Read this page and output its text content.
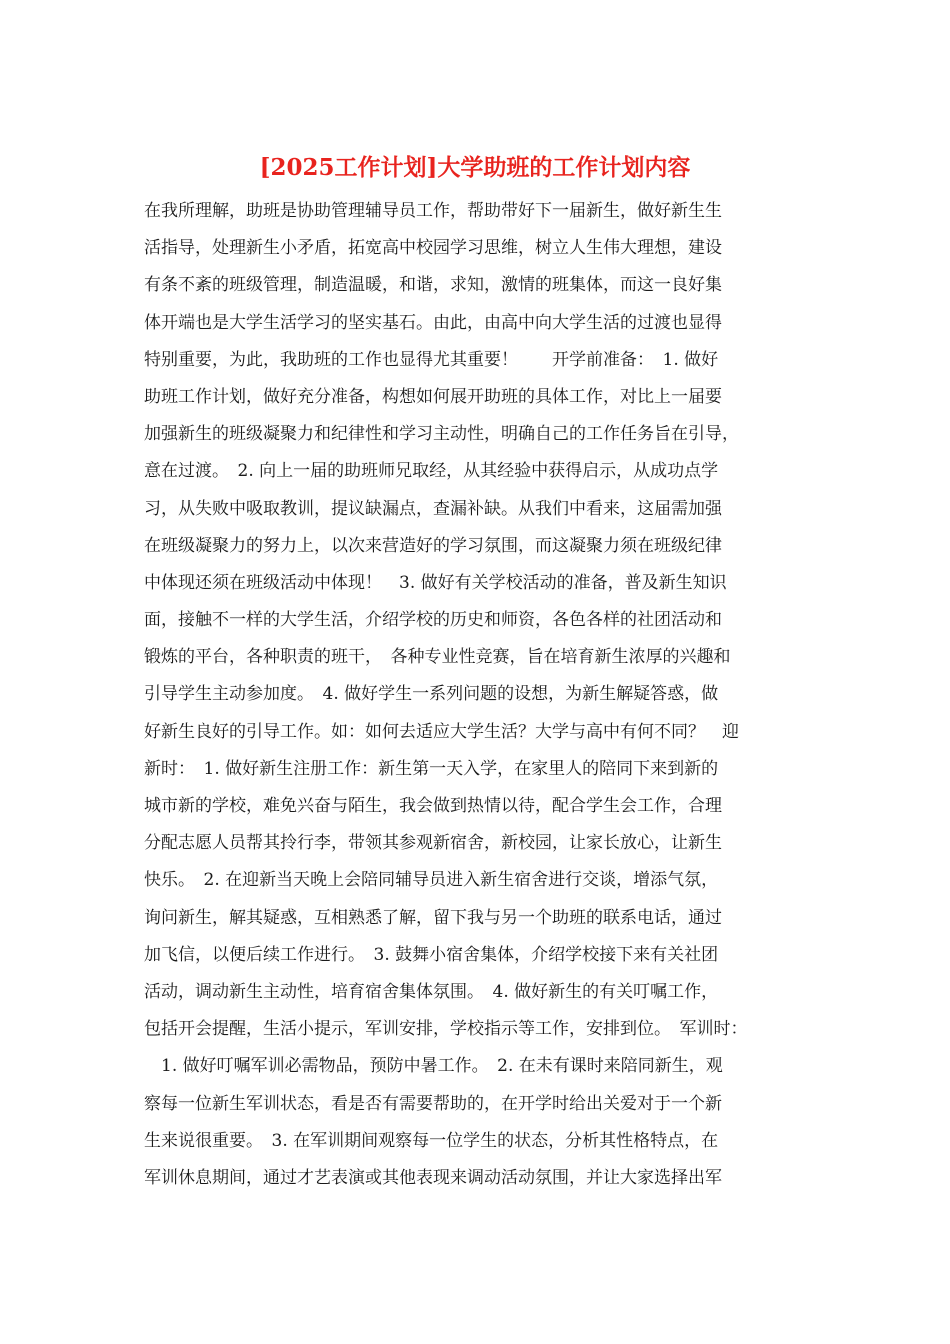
[2025工作计划]大学助班的工作计划内容
在我所理解，助班是协助管理辅导员工作，帮助带好下一届新生，做好新生生
活指导，处理新生小矛盾，拓宽高中校园学习思维，树立人生伟大理想，建设
有条不紊的班级管理，制造温暖，和谐，求知，激情的班集体，而这一良好集
体开端也是大学生活学习的坚实基石。由此，由高中向大学生活的过渡也显得
特别重要，为此，我助班的工作也显得尤其重要！　　开学前准备：　1. 做好
助班工作计划，做好充分准备，构想如何展开助班的具体工作，对比上一届要
加强新生的班级凝聚力和纪律性和学习主动性，明确自己的工作任务旨在引导，
意在过渡。　2. 向上一届的助班师兄取经，从其经验中获得启示，从成功点学
习，从失败中吸取教训，提议缺漏点，查漏补缺。从我们中看来，这届需加强
在班级凝聚力的努力上，以次来营造好的学习氛围，而这凝聚力须在班级纪律
中体现还须在班级活动中体现！　3. 做好有关学校活动的准备，普及新生知识
面，接触不一样的大学生活，介绍学校的历史和师资，各色各样的社团活动和
锻炼的平台，各种职责的班干，　各种专业性竞赛，旨在培育新生浓厚的兴趣和
引导学生主动参加度。　4. 做好学生一系列问题的设想，为新生解疑答惑，做
好新生良好的引导工作。如：如何去适应大学生活？大学与高中有何不同？　迎
新时：　1. 做好新生注册工作：新生第一天入学，在家里人的陪同下来到新的
城市新的学校，难免兴奋与陌生，我会做到热情以待，配合学生会工作，合理
分配志愿人员帮其拎行李，带领其参观新宿舍，新校园，让家长放心，让新生
快乐。　2. 在迎新当天晚上会陪同辅导员进入新生宿舍进行交谈，增添气氛，
询问新生，解其疑惑，互相熟悉了解，留下我与另一个助班的联系电话，通过
加飞信，以便后续工作进行。　3. 鼓舞小宿舍集体，介绍学校接下来有关社团
活动，调动新生主动性，培育宿舍集体氛围。　4. 做好新生的有关叮嘱工作，
包括开会提醒，生活小提示，军训安排，学校指示等工作，安排到位。　军训时：
　1. 做好叮嘱军训必需物品，预防中暑工作。　2. 在未有课时来陪同新生，观
察每一位新生军训状态，看是否有需要帮助的，在开学时给出关爱对于一个新
生来说很重要。　3. 在军训期间观察每一位学生的状态，分析其性格特点，在
军训休息期间，通过才艺表演或其他表现来调动活动氛围，并让大家选择出军
